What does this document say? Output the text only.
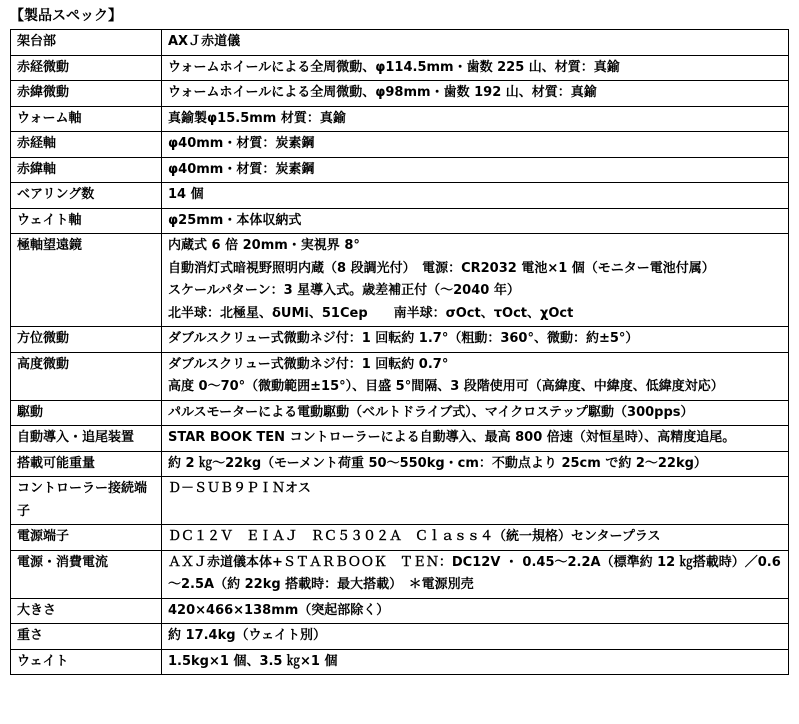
【製品スペック】
架台部	AXＪ赤道儀

赤経微動	ウォームホイールによる全周微動、φ114.5mm・歯数 225 山、材質：真鍮

赤緯微動	ウォームホイールによる全周微動、φ98mm・歯数 192 山、材質：真鍮

ウォーム軸	真鍮製φ15.5mm 材質：真鍮

赤経軸	φ40mm・材質：炭素鋼

赤緯軸	φ40mm・材質：炭素鋼

ベアリング数	14 個

ウェイト軸	φ25mm・本体収納式

極軸望遠鏡	内蔵式 6 倍 20mm・実視界 8°
自動消灯式暗視野照明内蔵（8 段調光付）　電源：CR2032 電池×1 個（モニター電池付属）
スケールパターン：3 星導入式。歳差補正付（～2040 年）
北半球：北極星、δUMi、51Cep　　南半球：σOct、τOct、χOct

方位微動	ダブルスクリュー式微動ネジ付：1 回転約 1.7°（粗動：360°、微動：約±5°）

高度微動	ダブルスクリュー式微動ネジ付：1 回転約 0.7°
高度 0～70°（微動範囲±15°）、目盛 5°間隔、3 段階使用可（高緯度、中緯度、低緯度対応）

駆動	パルスモーターによる電動駆動（ベルトドライブ式）、マイクロステップ駆動（300pps）

自動導入・追尾装置	STAR BOOK TEN コントローラーによる自動導入、最高 800 倍速（対恒星時）、高精度追尾。

搭載可能重量	約 2 ㎏～22kg（モーメント荷重 50～550kg・cm：不動点より 25cm で約 2～22kg）

コントローラー接続端子	Ｄ－ＳＵＢ９ＰＩＮオス

電源端子	ＤＣ１２Ｖ　ＥＩＡＪ　ＲＣ５３０２Ａ　Ｃｌａｓｓ４（統一規格）センタープラス

電源・消費電流	ＡＸＪ赤道儀本体+ＳＴＡＲＢＯＯＫ　ＴＥＮ：DC12V ・ 0.45～2.2A（標準約 12 ㎏搭載時）／0.6～2.5A（約 22kg 搭載時：最大搭載）　＊電源別売

大きさ	420×466×138mm（突起部除く）

重さ	約 17.4kg（ウェイト別）

ウェイト	1.5kg×1 個、3.5 ㎏×1 個
